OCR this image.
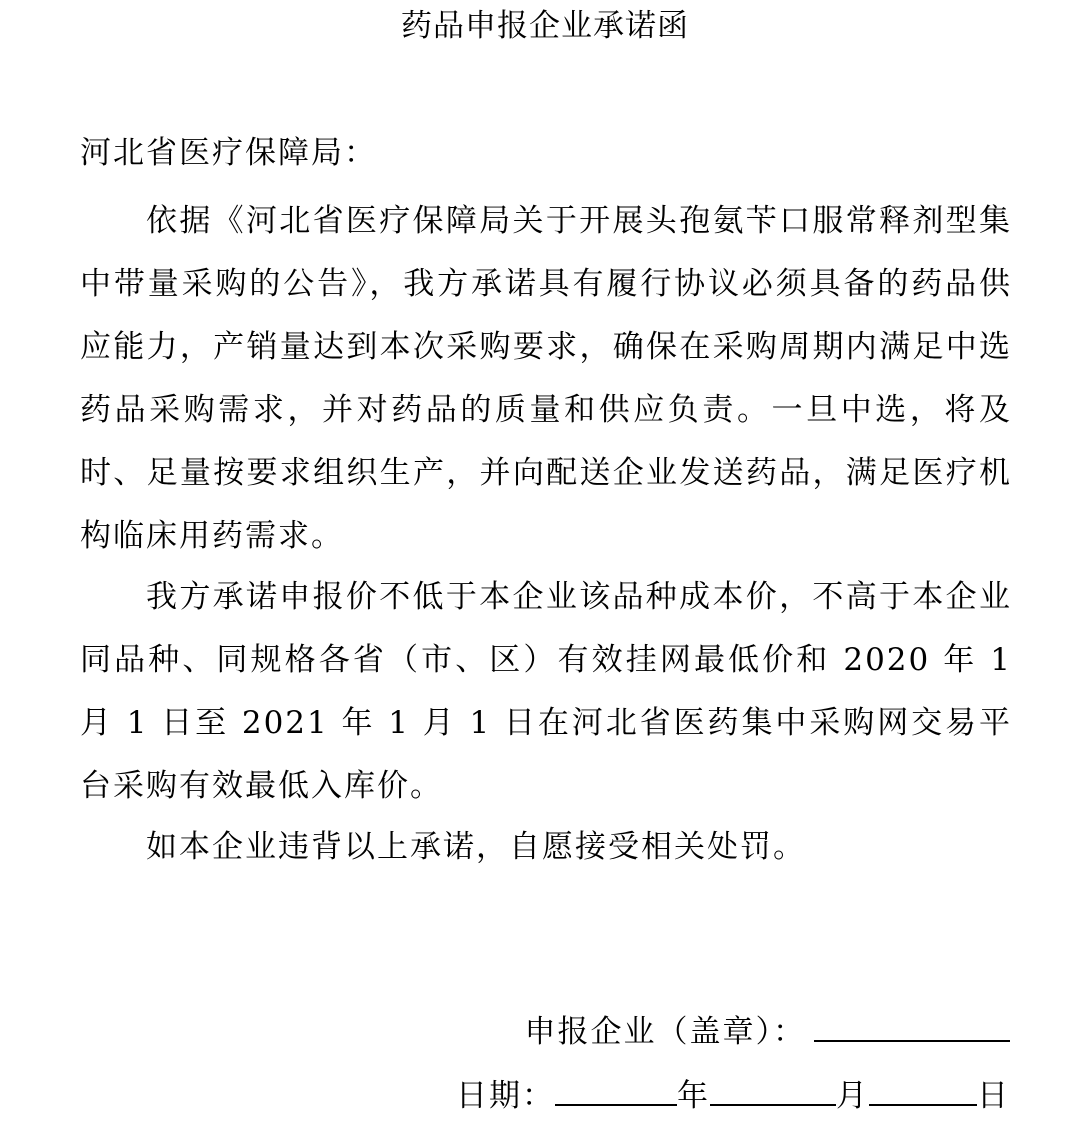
药品申报企业承诺函
河北省医疗保障局：
依据《河北省医疗保障局关于开展头孢氨苄口服常释剂型集中带量采购的公告》，我方承诺具有履行协议必须具备的药品供应能力，产销量达到本次采购要求，确保在采购周期内满足中选药品采购需求，并对药品的质量和供应负责。一旦中选，将及时、足量按要求组织生产，并向配送企业发送药品，满足医疗机构临床用药需求。
我方承诺申报价不低于本企业该品种成本价，不高于本企业同品种、同规格各省（市、区）有效挂网最低价和 2020 年 1 月 1 日至 2021 年 1 月 1 日在河北省医药集中采购网交易平台采购有效最低入库价。
如本企业违背以上承诺，自愿接受相关处罚。
申报企业（盖章）：
日期：	年	月	日
